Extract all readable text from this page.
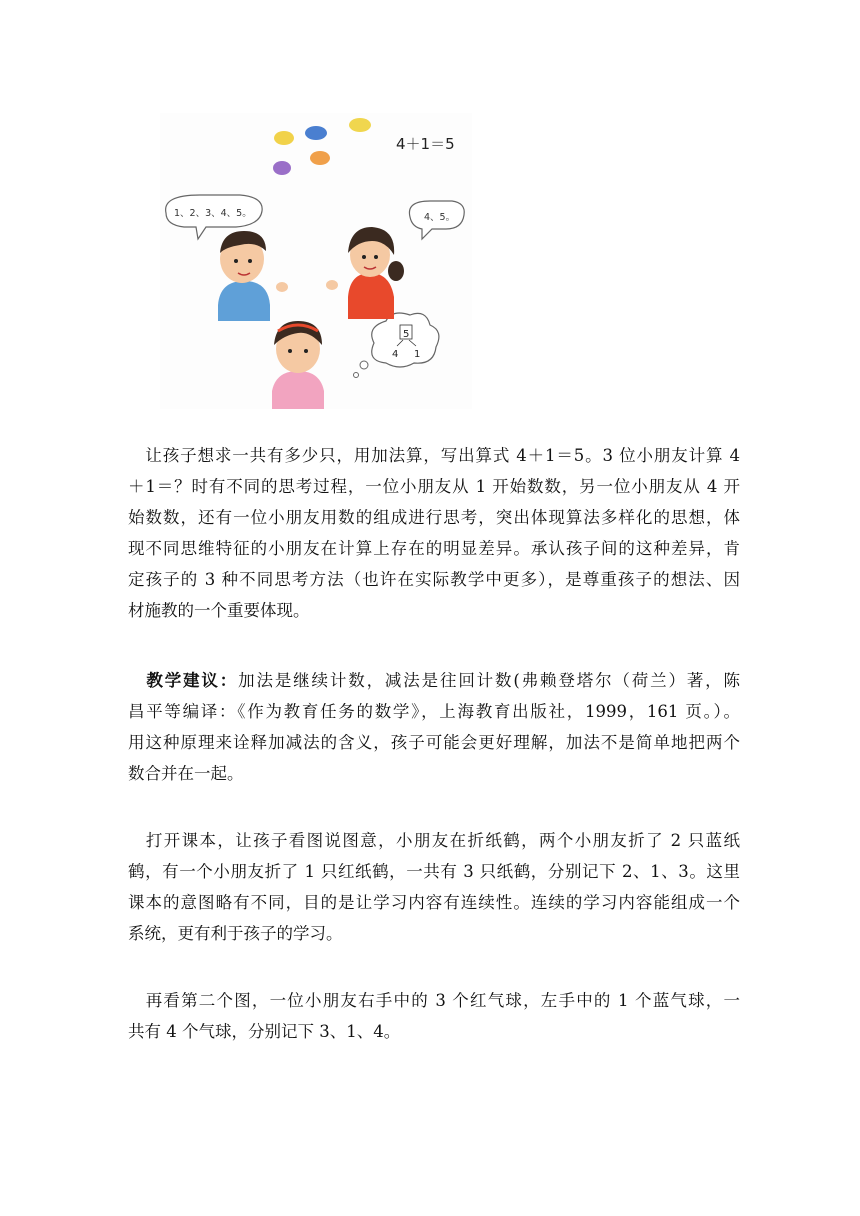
4＋1＝5
1、2、3、4、5。	4、5。
5
4 1
　让孩子想求一共有多少只，用加法算，写出算式 4＋1＝5。3 位小朋友计算 4
＋1＝？时有不同的思考过程，一位小朋友从 1 开始数数，另一位小朋友从 4 开
始数数，还有一位小朋友用数的组成进行思考，突出体现算法多样化的思想，体
现不同思维特征的小朋友在计算上存在的明显差异。承认孩子间的这种差异，肯
定孩子的 3 种不同思考方法（也许在实际教学中更多），是尊重孩子的想法、因
材施教的一个重要体现。
　教学建议：加法是继续计数，减法是往回计数(弗赖登塔尔（荷兰）著，陈
昌平等编译：《作为教育任务的数学》，上海教育出版社，1999，161 页。）。
用这种原理来诠释加减法的含义，孩子可能会更好理解，加法不是简单地把两个
数合并在一起。
　打开课本，让孩子看图说图意，小朋友在折纸鹤，两个小朋友折了 2 只蓝纸
鹤，有一个小朋友折了 1 只红纸鹤，一共有 3 只纸鹤，分别记下 2、1、3。这里
课本的意图略有不同，目的是让学习内容有连续性。连续的学习内容能组成一个
系统，更有利于孩子的学习。
　再看第二个图，一位小朋友右手中的 3 个红气球，左手中的 1 个蓝气球，一
共有 4 个气球，分别记下 3、1、4。
